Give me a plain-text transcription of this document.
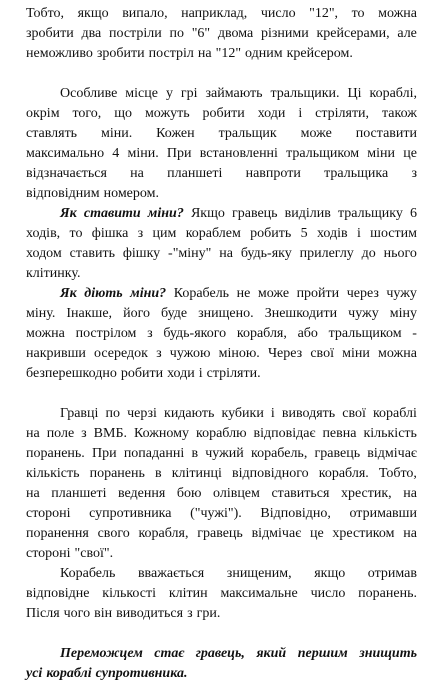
Тобто, якщо випало, наприклад, число "12", то можна
зробити два постріли по "6" двома різними крейсерами, але
неможливо зробити постріл на "12" одним крейсером.
Особливе місце у грі займають тральщики. Ці кораблі,
окрім того, що можуть робити ходи і стріляти, також
ставлять міни. Кожен тральщик може поставити
максимально 4 міни. При встановленні тральщиком міни це
відзначається на планшеті навпроти тральщика з
відповідним номером.
Як ставити міни? Якщо гравець виділив тральщику 6
ходів, то фішка з цим кораблем робить 5 ходів і шостим
ходом ставить фішку -"міну" на будь-яку прилеглу до нього
клітинку.
Як діють міни? Корабель не може пройти через чужу
міну. Інакше, його буде знищено. Знешкодити чужу міну
можна пострілом з будь-якого корабля, або тральщиком -
накривши осередок з чужою міною. Через свої міни можна
безперешкодно робити ходи і стріляти.
Гравці по черзі кидають кубики і виводять свої кораблі
на поле з ВМБ. Кожному кораблю відповідає певна кількість
поранень. При попаданні в чужий корабель, гравець відмічає
кількість поранень в клітинці відповідного корабля. Тобто,
на планшеті ведення бою олівцем ставиться хрестик, на
стороні супротивника ("чужі"). Відповідно, отримавши
поранення свого корабля, гравець відмічає це хрестиком на
стороні "свої".
Корабель вважається знищеним, якщо отримав
відповідне кількості клітин максимальне число поранень.
Після чого він виводиться з гри.
Переможцем стає гравець, який першим знищить
усі кораблі супротивника.
